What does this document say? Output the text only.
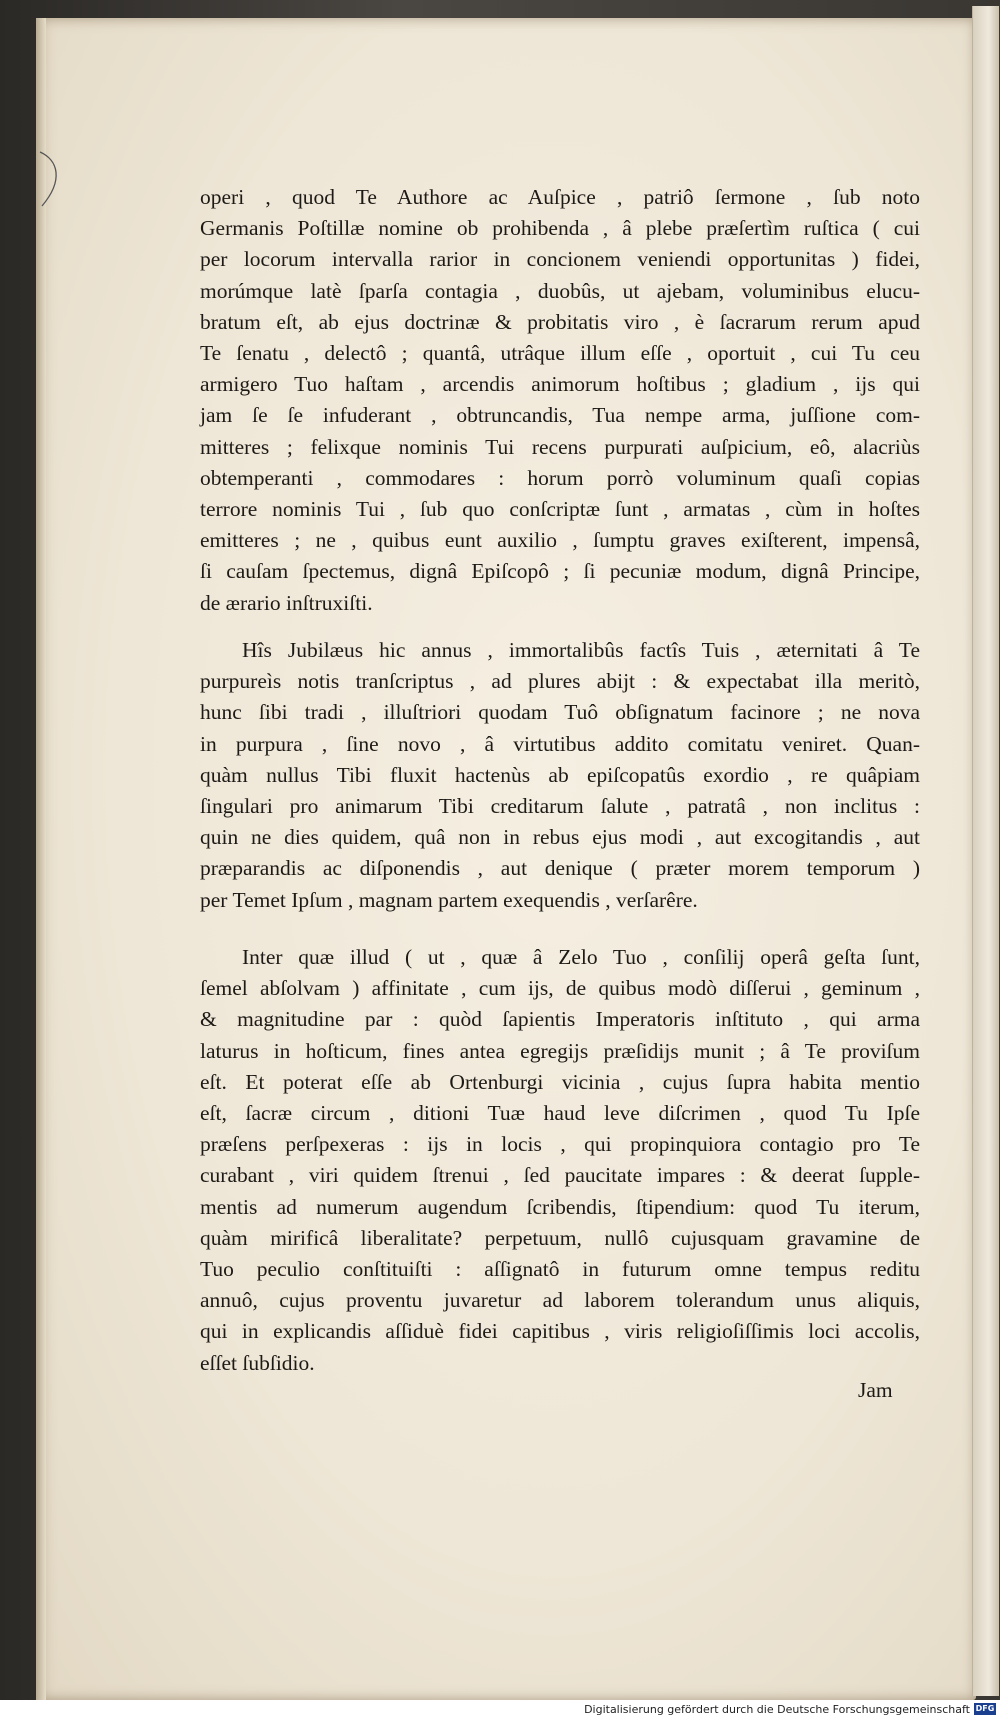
operi , quod Te Authore ac Auſpice , patriô ſermone , ſub noto
Germanis Poſtillæ nomine ob prohibenda , â plebe præſertìm ruſtica ( cui
per locorum intervalla rarior in concionem veniendi opportunitas ) fidei,
morúmque latè ſparſa contagia , duobûs, ut ajebam, voluminibus elucu-
bratum eſt, ab ejus doctrinæ & probitatis viro , è ſacrarum rerum apud
Te ſenatu , delectô ; quantâ, utrâque illum eſſe , oportuit , cui Tu ceu
armigero Tuo haſtam , arcendis animorum hoſtibus ; gladium , ijs qui
jam ſe ſe infuderant , obtruncandis, Tua nempe arma, juſſione com-
mitteres ; felixque nominis Tui recens purpurati auſpicium, eô, alacriùs
obtemperanti , commodares : horum porrò voluminum quaſi copias
terrore nominis Tui , ſub quo conſcriptæ ſunt , armatas , cùm in hoſtes
emitteres ; ne , quibus eunt auxilio , ſumptu graves exiſterent, impensâ,
ſi cauſam ſpectemus, dignâ Epiſcopô ; ſi pecuniæ modum, dignâ Principe,
de ærario inſtruxiſti.
Hîs Jubilæus hic annus , immortalibûs factîs Tuis , æternitati â Te
purpureìs notis tranſcriptus , ad plures abijt : & expectabat illa meritò,
hunc ſibi tradi , illuſtriori quodam Tuô obſignatum facinore ; ne nova
in purpura , ſine novo , â virtutibus addito comitatu veniret. Quan-
quàm nullus Tibi fluxit hactenùs ab epiſcopatûs exordio , re quâpiam
ſingulari pro animarum Tibi creditarum ſalute , patratâ , non inclitus :
quin ne dies quidem, quâ non in rebus ejus modi , aut excogitandis , aut
præparandis ac diſponendis , aut denique ( præter morem temporum )
per Temet Ipſum , magnam partem exequendis , verſarêre.
Inter quæ illud ( ut , quæ â Zelo Tuo , conſilij operâ geſta ſunt,
ſemel abſolvam ) affinitate , cum ijs, de quibus modò diſſerui , geminum ,
& magnitudine par : quòd ſapientis Imperatoris inſtituto , qui arma
laturus in hoſticum, fines antea egregijs præſidijs munit ; â Te proviſum
eſt. Et poterat eſſe ab Ortenburgi vicinia , cujus ſupra habita mentio
eſt, ſacræ circum , ditioni Tuæ haud leve diſcrimen , quod Tu Ipſe
præſens perſpexeras : ijs in locis , qui propinquiora contagio pro Te
curabant , viri quidem ſtrenui , ſed paucitate impares : & deerat ſupple-
mentis ad numerum augendum ſcribendis, ſtipendium: quod Tu iterum,
quàm mirificâ liberalitate? perpetuum, nullô cujusquam gravamine de
Tuo peculio conſtituiſti : aſſignatô in futurum omne tempus reditu
annuô, cujus proventu juvaretur ad laborem tolerandum unus aliquis,
qui in explicandis aſſiduè fidei capitibus , viris religioſiſſimis loci accolis,
eſſet ſubſidio.
Jam
Digitalisierung gefördert durch die Deutsche Forschungsgemeinschaft DFG
